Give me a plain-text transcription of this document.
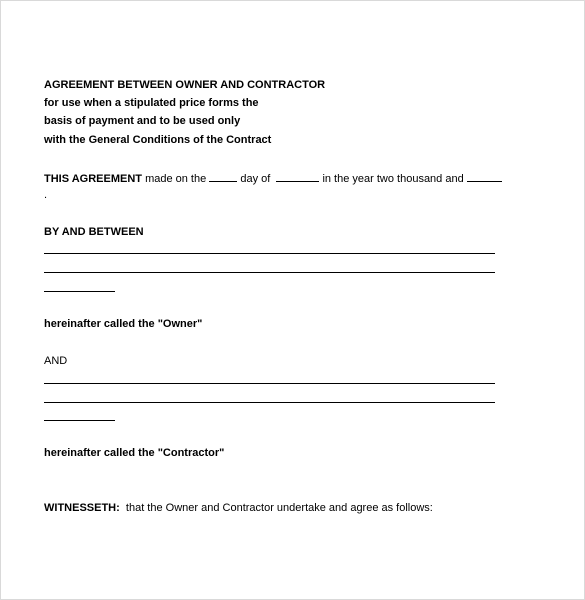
AGREEMENT BETWEEN OWNER AND CONTRACTOR
for use when a stipulated price forms the
basis of payment and to be used only
with the General Conditions of the Contract
THIS AGREEMENT made on the	day of	in the year two thousand and
.
BY AND BETWEEN
hereinafter called the "Owner"
AND
hereinafter called the "Contractor"
WITNESSETH: that the Owner and Contractor undertake and agree as follows:
